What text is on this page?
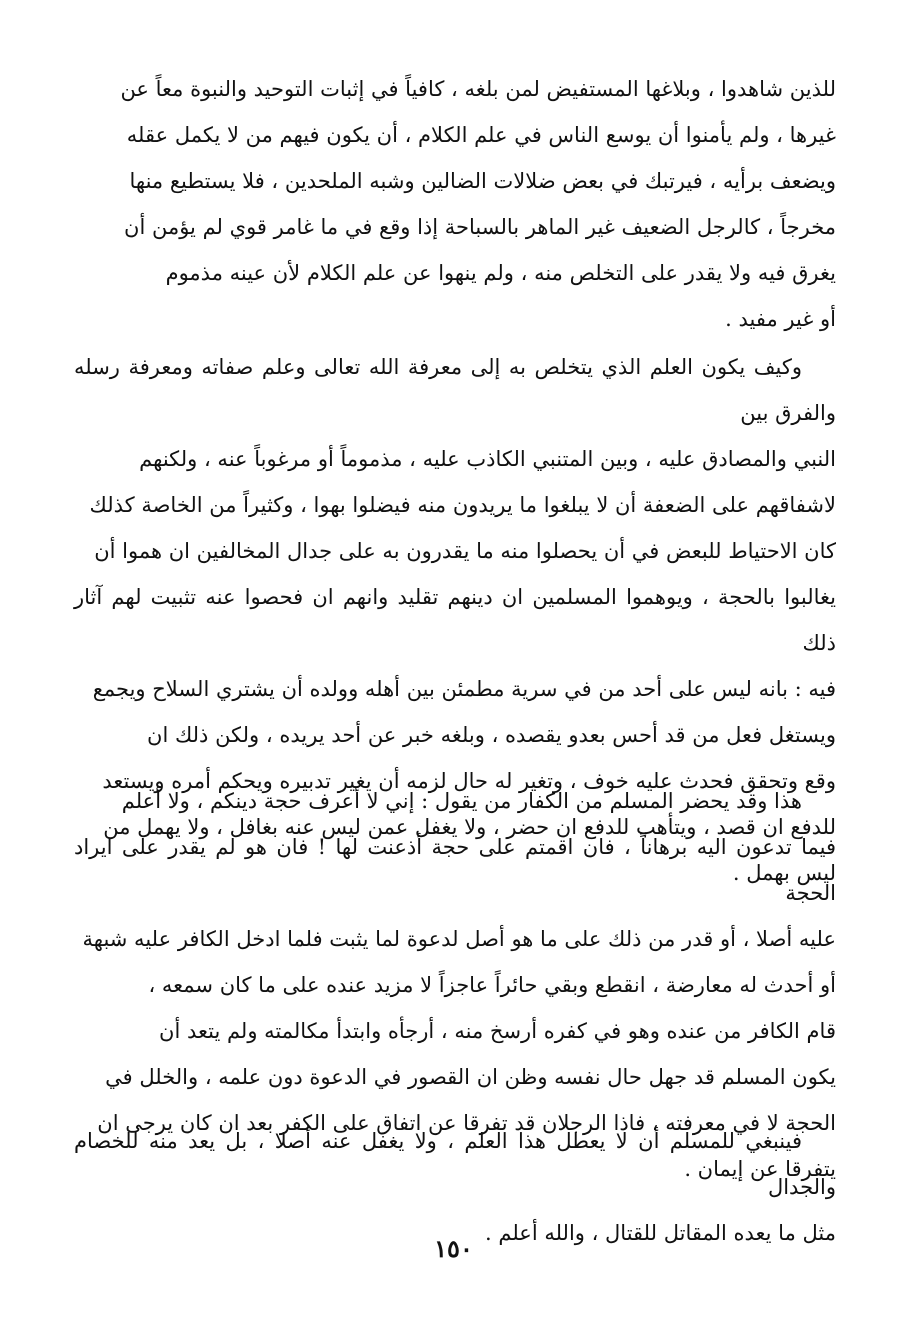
للذين شاهدوا ، وبلاغها المستفيض لمن بلغه ، كافياً في إثبات التوحيد والنبوة معاً عن

غيرها ، ولم يأمنوا أن يوسع الناس في علم الكلام ، أن يكون فيهم من لا يكمل عقله

ويضعف برأيه ، فيرتبك في بعض ضلالات الضالين وشبه الملحدين ، فلا يستطيع منها

مخرجاً ، كالرجل الضعيف غير الماهر بالسباحة إذا وقع في ما غامر قوي لم يؤمن أن

يغرق فيه ولا يقدر على التخلص منه ، ولم ينهوا عن علم الكلام لأن عينه مذموم

أو غير مفيد .

وكيف يكون العلم الذي يتخلص به إلى معرفة الله تعالى وعلم صفاته ومعرفة رسله والفرق بين

النبي والمصادق عليه ، وبين المتنبي الكاذب عليه ، مذموماً أو مرغوباً عنه ، ولكنهم

لاشفاقهم على الضعفة أن لا يبلغوا ما يريدون منه فيضلوا بهوا ، وكثيراً من الخاصة كذلك

كان الاحتياط للبعض في أن يحصلوا منه ما يقدرون به على جدال المخالفين ان هموا أن

يغالبوا بالحجة ، ويوهموا المسلمين ان دينهم تقليد وانهم ان فحصوا عنه تثبيت لهم آثار ذلك

فيه : بانه ليس على أحد من في سرية مطمئن بين أهله وولده أن يشتري السلاح ويجمع

ويستغل فعل من قد أحس بعدو يقصده ، وبلغه خبر عن أحد يريده ، ولكن ذلك ان

وقع وتحقق فحدث عليه خوف ، وتغير له حال لزمه أن يغير تدبيره ويحكم أمره ويستعد

للدفع ان قصد ، ويتأهب للدفع ان حضر ، ولا يغفل عمن ليس عنه بغافل ، ولا يهمل من

ليس بهمل .

هذا وقد يحضر المسلم من الكفار من يقول : إني لا أعرف حجة دينكم ، ولا أعلم

فيما تدعون اليه برهاناً ، فان اقمتم على حجة أذعنت لها ! فان هو لم يقدر على ايراد الحجة

عليه أصلا ، أو قدر من ذلك على ما هو أصل لدعوة لما يثبت فلما ادخل الكافر عليه شبهة

أو أحدث له معارضة ، انقطع وبقي حائراً عاجزاً لا مزيد عنده على ما كان سمعه ،

قام الكافر من عنده وهو في كفره أرسخ منه ، أرجأه وابتدأ مكالمته ولم يتعد أن

يكون المسلم قد جهل حال نفسه وظن ان القصور في الدعوة دون علمه ، والخلل في

الحجة لا في معرفته ، فاذا الرجلان قد تفرقا عن اتفاق على الكفر بعد ان كان يرجى ان

يتفرقا عن إيمان .

فينبغي للمسلم أن لا يعطل هذا العلم ، ولا يغفل عنه أصلا ، بل يعد منه للخصام والجدال

مثل ما يعده المقاتل للقتال ، والله أعلم .

١٥٠
